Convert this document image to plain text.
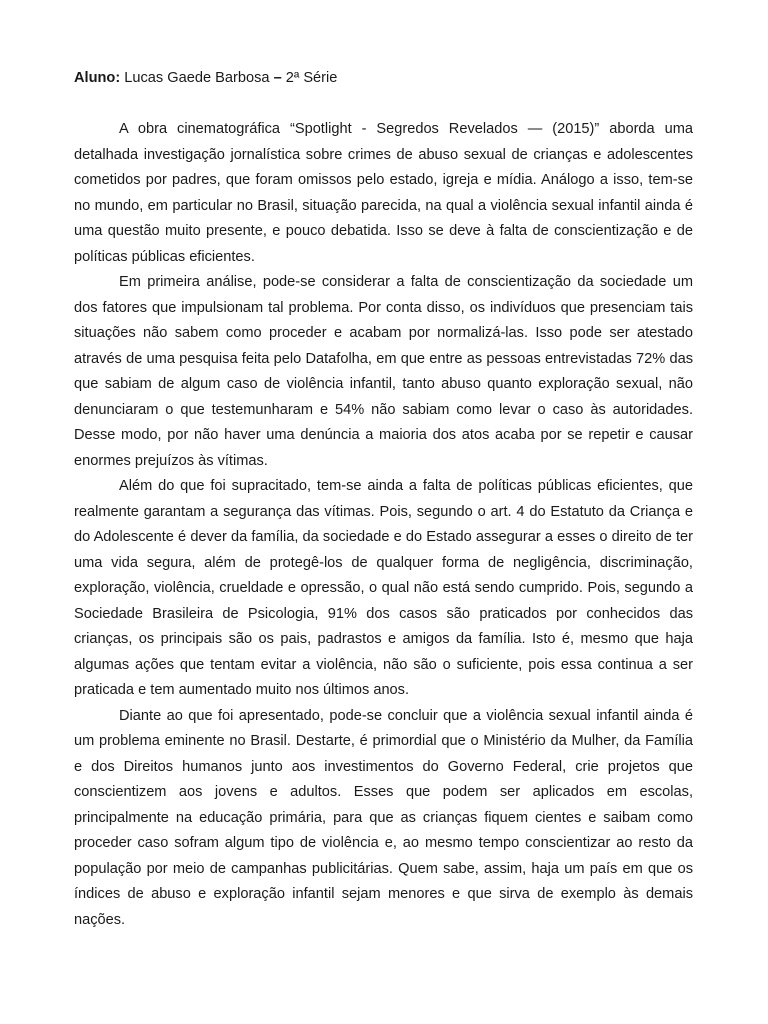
Aluno: Lucas Gaede Barbosa – 2ª Série

A obra cinematográfica “Spotlight - Segredos Revelados — (2015)” aborda uma detalhada investigação jornalística sobre crimes de abuso sexual de crianças e adolescentes cometidos por padres, que foram omissos pelo estado, igreja e mídia. Análogo a isso, tem-se no mundo, em particular no Brasil, situação parecida, na qual a violência sexual infantil ainda é uma questão muito presente, e pouco debatida. Isso se deve à falta de conscientização e de políticas públicas eficientes.

Em primeira análise, pode-se considerar a falta de conscientização da sociedade um dos fatores que impulsionam tal problema. Por conta disso, os indivíduos que presenciam tais situações não sabem como proceder e acabam por normalizá-las. Isso pode ser atestado através de uma pesquisa feita pelo Datafolha, em que entre as pessoas entrevistadas 72% das que sabiam de algum caso de violência infantil, tanto abuso quanto exploração sexual, não denunciaram o que testemunharam e 54% não sabiam como levar o caso às autoridades. Desse modo, por não haver uma denúncia a maioria dos atos acaba por se repetir e causar enormes prejuízos às vítimas.

Além do que foi supracitado, tem-se ainda a falta de políticas públicas eficientes, que realmente garantam a segurança das vítimas. Pois, segundo o art. 4 do Estatuto da Criança e do Adolescente é dever da família, da sociedade e do Estado assegurar a esses o direito de ter uma vida segura, além de protegê-los de qualquer forma de negligência, discriminação, exploração, violência, crueldade e opressão, o qual não está sendo cumprido. Pois, segundo a Sociedade Brasileira de Psicologia, 91% dos casos são praticados por conhecidos das crianças, os principais são os pais, padrastos e amigos da família. Isto é, mesmo que haja algumas ações que tentam evitar a violência, não são o suficiente, pois essa continua a ser praticada e tem aumentado muito nos últimos anos.

Diante ao que foi apresentado, pode-se concluir que a violência sexual infantil ainda é um problema eminente no Brasil. Destarte, é primordial que o Ministério da Mulher, da Família e dos Direitos humanos junto aos investimentos do Governo Federal, crie projetos que conscientizem aos jovens e adultos. Esses que podem ser aplicados em escolas, principalmente na educação primária, para que as crianças fiquem cientes e saibam como proceder caso sofram algum tipo de violência e, ao mesmo tempo conscientizar ao resto da população por meio de campanhas publicitárias. Quem sabe, assim, haja um país em que os índices de abuso e exploração infantil sejam menores e que sirva de exemplo às demais nações.
